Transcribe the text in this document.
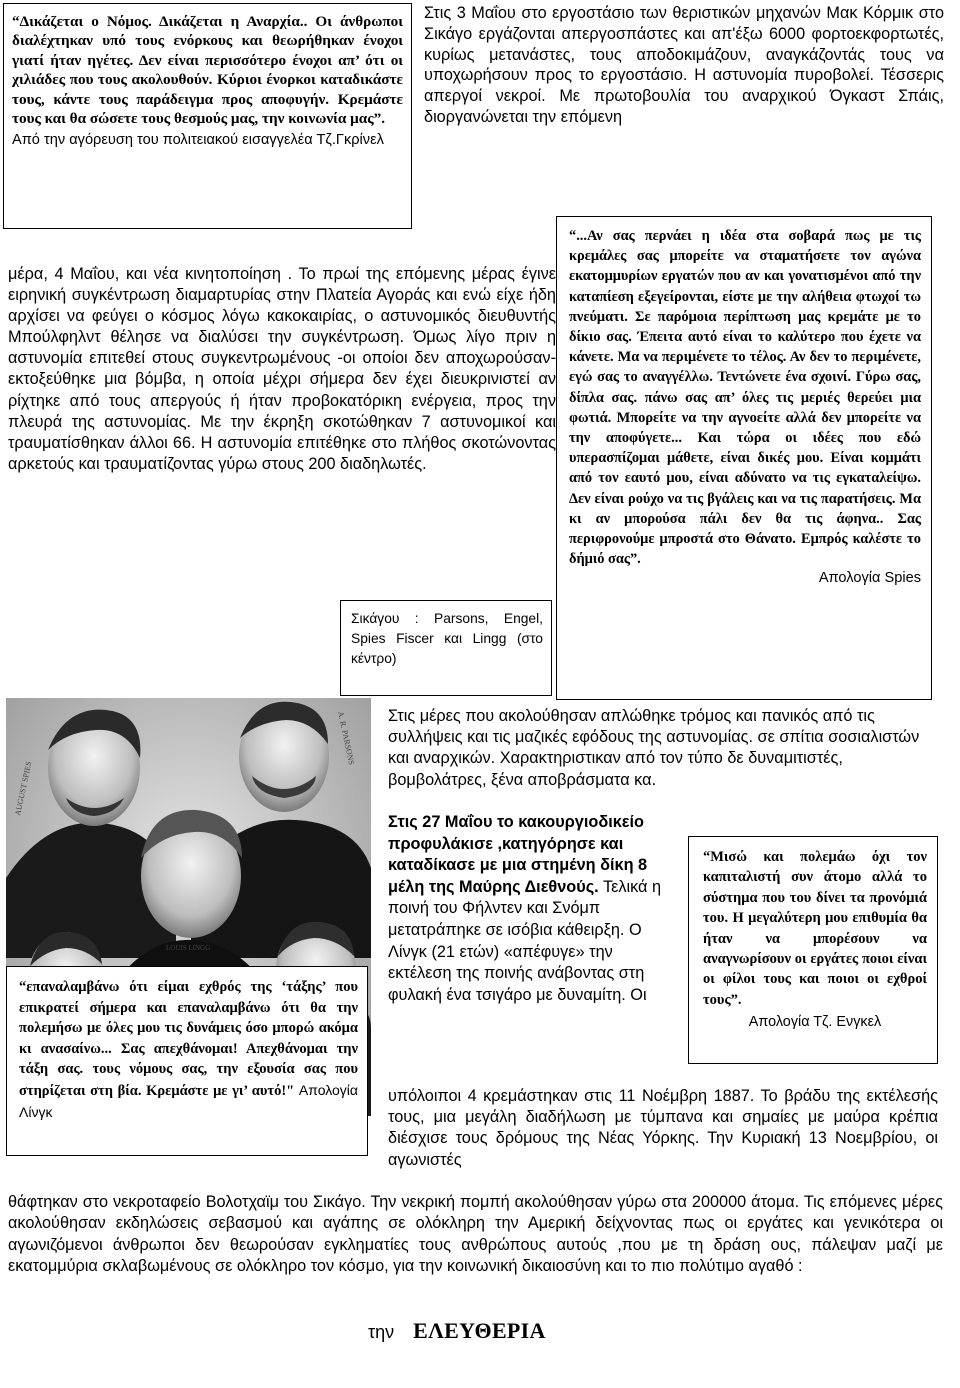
“Δικάζεται ο Νόμος. Δικάζεται η Αναρχία.. Οι άνθρωποι διαλέχτηκαν υπό τους ενόρκους και θεωρήθηκαν ένοχοι γιατί ήταν ηγέτες. Δεν είναι περισσότερο ένοχοι απ’ ότι οι χιλιάδες που τους ακολουθούν. Κύριοι ένορκοι καταδικάστε τους, κάντε τους παράδειγμα προς αποφυγήν. Κρεμάστε τους και θα σώσετε τους θεσμούς μας, την κοινωνία μας”.

Από την αγόρευση του πολιτειακού εισαγγελέα Τζ.Γκρίνελ

Στις 3 Μαΐου στο εργοστάσιο των θεριστικών μηχανών Μακ Κόρμικ στο Σικάγο εργάζονται απεργοσπάστες και απ'έξω 6000 φορτοεκφορτωτές, κυρίως μετανάστες, τους αποδοκιμάζουν, αναγκάζοντάς τους να υποχωρήσουν προς το εργοστάσιο. Η αστυνομία πυροβολεί. Τέσσερις απεργοί νεκροί. Με πρωτοβουλία του αναρχικού Όγκαστ Σπάις, διοργανώνεται την επόμενη

μέρα, 4 Μαΐου, και νέα κινητοποίηση . Το πρωί της επόμενης μέρας έγινε ειρηνική συγκέντρωση διαμαρτυρίας στην Πλατεία Αγοράς και ενώ είχε ήδη αρχίσει να φεύγει ο κόσμος λόγω κακοκαιρίας, ο αστυνομικός διευθυντής Μπούλφηλντ θέλησε να διαλύσει την συγκέντρωση. Όμως λίγο πριν η αστυνομία επιτεθεί στους συγκεντρωμένους -οι οποίοι δεν αποχωρούσαν- εκτοξεύθηκε μια βόμβα, η οποία μέχρι σήμερα δεν έχει διευκρινιστεί αν ρίχτηκε από τους απεργούς ή ήταν προβοκατόρικη ενέργεια, προς την πλευρά της αστυνομίας. Με την έκρηξη σκοτώθηκαν 7 αστυνομικοί και τραυματίσθηκαν άλλοι 66. Η αστυνομία επιτέθηκε στο πλήθος σκοτώνοντας αρκετούς και τραυματίζοντας γύρω στους 200 διαδηλωτές.

“...Αν σας περνάει η ιδέα στα σοβαρά πως με τις κρεμάλες σας μπορείτε να σταματήσετε τον αγώνα εκατομμυρίων εργατών που αν και γονατισμένοι από την καταπίεση εξεγείρονται, είστε με την αλήθεια φτωχοί τω πνεύματι. Σε παρόμοια περίπτωση μας κρεμάτε με το δίκιο σας. Έπειτα αυτό είναι το καλύτερο που έχετε να κάνετε. Μα να περιμένετε το τέλος. Αν δεν το περιμένετε, εγώ σας το αναγγέλλω. Τεντώνετε ένα σχοινί. Γύρω σας, δίπλα σας. πάνω σας απ’ όλες τις μεριές θερεύει μια φωτιά. Μπορείτε να την αγνοείτε αλλά δεν μπορείτε να την αποφύγετε... Και τώρα οι ιδέες που εδώ υπερασπίζομαι μάθετε, είναι δικές μου. Είναι κομμάτι από τον εαυτό μου, είναι αδύνατο να τις εγκαταλείψω. Δεν είναι ρούχο να τις βγάλεις και να τις παρατήσεις. Μα κι αν μπορούσα πάλι δεν θα τις άφηνα.. Σας περιφρονούμε μπροστά στο Θάνατο. Εμπρός καλέστε το δήμιό σας”.

Απολογία Spies

Σικάγου : Parsons, Engel, Spies Fiscer και Lingg (στο κέντρο)

AUGUST SPIES
A. R. PARSONS
LOUIS LINGG

“επαναλαμβάνω ότι είμαι εχθρός της ‘τάξης’ που επικρατεί σήμερα και επαναλαμβάνω ότι θα την πολεμήσω με όλες μου τις δυνάμεις όσο μπορώ ακόμα κι ανασαίνω... Σας απεχθάνομαι! Απεχθάνομαι την τάξη σας. τους νόμους σας, την εξουσία σας που στηρίζεται στη βία. Κρεμάστε με γι’ αυτό!" Απολογία Λίνγκ

“Μισώ και πολεμάω όχι τον καπιταλιστή συν άτομο αλλά το σύστημα που του δίνει τα προνόμιά του. Η μεγαλύτερη μου επιθυμία θα ήταν να μπορέσουν να αναγνωρίσουν οι εργάτες ποιοι είναι οι φίλοι τους και ποιοι οι εχθροί τους”.

Απολογία Τζ. Ενγκελ

Στις μέρες που ακολούθησαν απλώθηκε τρόμος και πανικός από τις συλλήψεις και τις μαζικές εφόδους της αστυνομίας. σε σπίτια σοσιαλιστών και αναρχικών. Χαρακτηριστικαν από τον τύπο δε δυναμιτιστές, βομβολάτρες, ξένα αποβράσματα κα.

Στις 27 Μαΐου το κακουργιοδικείο προφυλάκισε ,κατηγόρησε και καταδίκασε με μια στημένη δίκη 8 μέλη της Μαύρης Διεθνούς. Τελικά η ποινή του Φήλντεν και Σνόμπ μετατράπηκε σε ισόβια κάθειρξη. Ο Λίνγκ (21 ετών) «απέφυγε» την εκτέλεση της ποινής ανάβοντας στη φυλακή ένα τσιγάρο με δυναμίτη. Οι

υπόλοιποι 4 κρεμάστηκαν στις 11 Νοέμβρη 1887. Το βράδυ της εκτέλεσής τους, μια μεγάλη διαδήλωση με τύμπανα και σημαίες με μαύρα κρέπια διέσχισε τους δρόμους της Νέας Υόρκης. Την Κυριακή 13 Νοεμβρίου, οι αγωνιστές

θάφτηκαν στο νεκροταφείο Βολοτχαϊμ του Σικάγο. Την νεκρική πομπή ακολούθησαν γύρω στα 200000 άτομα. Τις επόμενες μέρες ακολούθησαν εκδηλώσεις σεβασμού και αγάπης σε ολόκληρη την Αμερική δείχνοντας πως οι εργάτες και γενικότερα οι αγωνιζόμενοι άνθρωποι δεν θεωρούσαν εγκληματίες τους ανθρώπους αυτούς ,που με τη δράση ους, πάλεψαν μαζί με εκατομμύρια σκλαβωμένους σε ολόκληρο τον κόσμο, για την κοινωνική δικαιοσύνη και το πιο πολύτιμο αγαθό :

την ΕΛΕΥΘΕΡΙΑ
